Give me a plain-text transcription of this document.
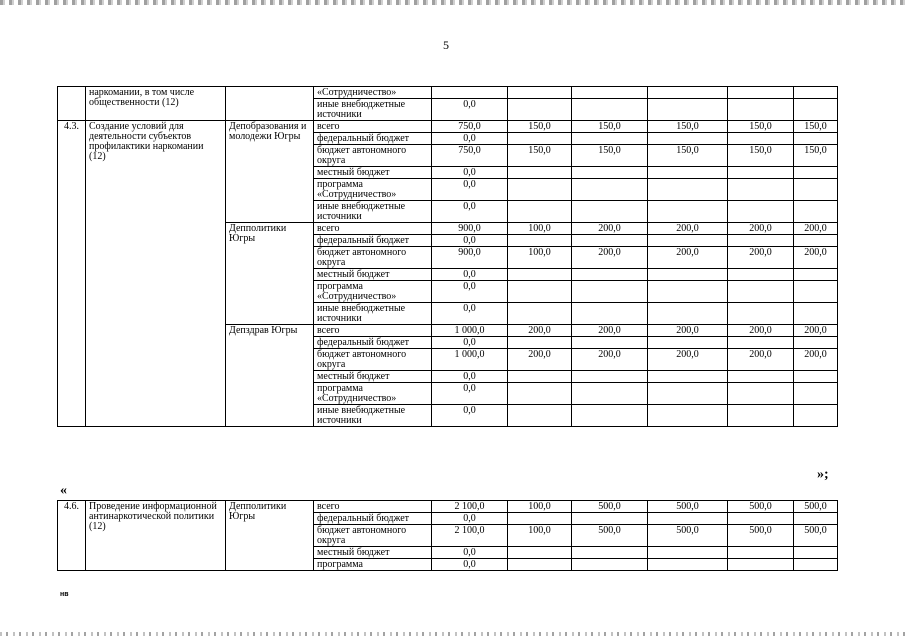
5
	наркомании, в том числе общественности (12)		«Сотрудничество»						
			иные внебюджетные источники	0,0					
4.3.	Создание условий для деятельности субъектов профилактики наркомании (12)	Депобразования и молодежи Югры	всего	750,0	150,0	150,0	150,0	150,0	150,0
			федеральный бюджет	0,0					
			бюджет автономного округа	750,0	150,0	150,0	150,0	150,0	150,0
			местный бюджет	0,0					
			программа «Сотрудничество»	0,0					
			иные внебюджетные источники	0,0					
		Депполитики Югры	всего	900,0	100,0	200,0	200,0	200,0	200,0
			федеральный бюджет	0,0					
			бюджет автономного округа	900,0	100,0	200,0	200,0	200,0	200,0
			местный бюджет	0,0					
			программа «Сотрудничество»	0,0					
			иные внебюджетные источники	0,0					
		Депздрав Югры	всего	1 000,0	200,0	200,0	200,0	200,0	200,0
			федеральный бюджет	0,0					
			бюджет автономного округа	1 000,0	200,0	200,0	200,0	200,0	200,0
			местный бюджет	0,0					
			программа «Сотрудничество»	0,0					
			иные внебюджетные источники	0,0					
»;
«
4.6.	Проведение информационной антинаркотической политики (12)	Депполитики Югры	всего	2 100,0	100,0	500,0	500,0	500,0	500,0
			федеральный бюджет	0,0					
			бюджет автономного округа	2 100,0	100,0	500,0	500,0	500,0	500,0
			местный бюджет	0,0					
			программа	0,0					
нв
